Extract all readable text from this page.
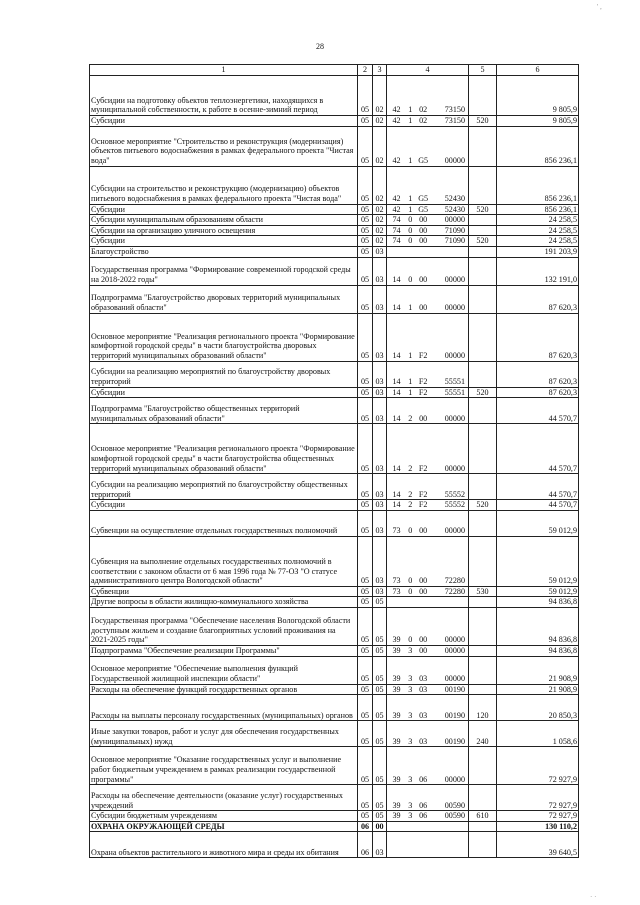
28
1	2	3	4	5	6
Субсидии на подготовку объектов теплоэнергетики, находящихся в муниципальной собственности, к работе в осенне-зимний период	05	02	42 1 02 73150		9 805,9
Субсидии	05	02	42 1 02 73150	520	9 805,9
Основное мероприятие "Строительство и реконструкция (модернизация) объектов питьевого водоснабжения в рамках федерального проекта "Чистая вода"	05	02	42 1 G5 00000		856 236,1
Субсидии на строительство и реконструкцию (модернизацию) объектов питьевого водоснабжения в рамках федерального проекта "Чистая вода"	05	02	42 1 G5 52430		856 236,1
Субсидии	05	02	42 1 G5 52430	520	856 236,1
Субсидии муниципальным образованиям области	05	02	74 0 00 00000		24 258,5
Субсидии на организацию уличного освещения	05	02	74 0 00 71090		24 258,5
Субсидии	05	02	74 0 00 71090	520	24 258,5
Благоустройство	05	03			191 203,9
Государственная программа "Формирование современной городской среды на 2018-2022 годы"	05	03	14 0 00 00000		132 191,0
Подпрограмма "Благоустройство дворовых территорий муниципальных образований области"	05	03	14 1 00 00000		87 620,3
Основное мероприятие "Реализация регионального проекта "Формирование комфортной городской среды" в части благоустройства дворовых территорий муниципальных образований области"	05	03	14 1 F2 00000		87 620,3
Субсидии на реализацию мероприятий по благоустройству дворовых территорий	05	03	14 1 F2 55551		87 620,3
Субсидии	05	03	14 1 F2 55551	520	87 620,3
Подпрограмма "Благоустройство общественных территорий муниципальных образований области"	05	03	14 2 00 00000		44 570,7
Основное мероприятие "Реализация регионального проекта "Формирование комфортной городской среды" в части благоустройства общественных территорий муниципальных образований области"	05	03	14 2 F2 00000		44 570,7
Субсидии на реализацию мероприятий по благоустройству общественных территорий	05	03	14 2 F2 55552		44 570,7
Субсидии	05	03	14 2 F2 55552	520	44 570,7
Субвенции на осуществление отдельных государственных полномочий	05	03	73 0 00 00000		59 012,9
Субвенция на выполнение отдельных государственных полномочий в соответствии с законом области от 6 мая 1996 года № 77-ОЗ "О статусе административного центра Вологодской области"	05	03	73 0 00 72280		59 012,9
Субвенции	05	03	73 0 00 72280	530	59 012,9
Другие вопросы в области жилищно-коммунального хозяйства	05	05			94 836,8
Государственная программа "Обеспечение населения Вологодской области доступным жильем и создание благоприятных условий проживания на 2021-2025 годы"	05	05	39 0 00 00000		94 836,8
Подпрограмма "Обеспечение реализации Программы"	05	05	39 3 00 00000		94 836,8
Основное мероприятие "Обеспечение выполнения функций Государственной жилищной инспекции области"	05	05	39 3 03 00000		21 908,9
Расходы на обеспечение функций государственных органов	05	05	39 3 03 00190		21 908,9
Расходы на выплаты персоналу государственных (муниципальных) органов	05	05	39 3 03 00190	120	20 850,3
Иные закупки товаров, работ и услуг для обеспечения государственных (муниципальных) нужд	05	05	39 3 03 00190	240	1 058,6
Основное мероприятие "Оказание государственных услуг и выполнение работ бюджетным учреждением в рамках реализации государственной программы"	05	05	39 3 06 00000		72 927,9
Расходы на обеспечение деятельности (оказание услуг) государственных учреждений	05	05	39 3 06 00590		72 927,9
Субсидии бюджетным учреждениям	05	05	39 3 06 00590	610	72 927,9
ОХРАНА ОКРУЖАЮЩЕЙ СРЕДЫ	06	00			130 110,2
Охрана объектов растительного и животного мира и среды их обитания	06	03			39 640,5
' ,
· ·
